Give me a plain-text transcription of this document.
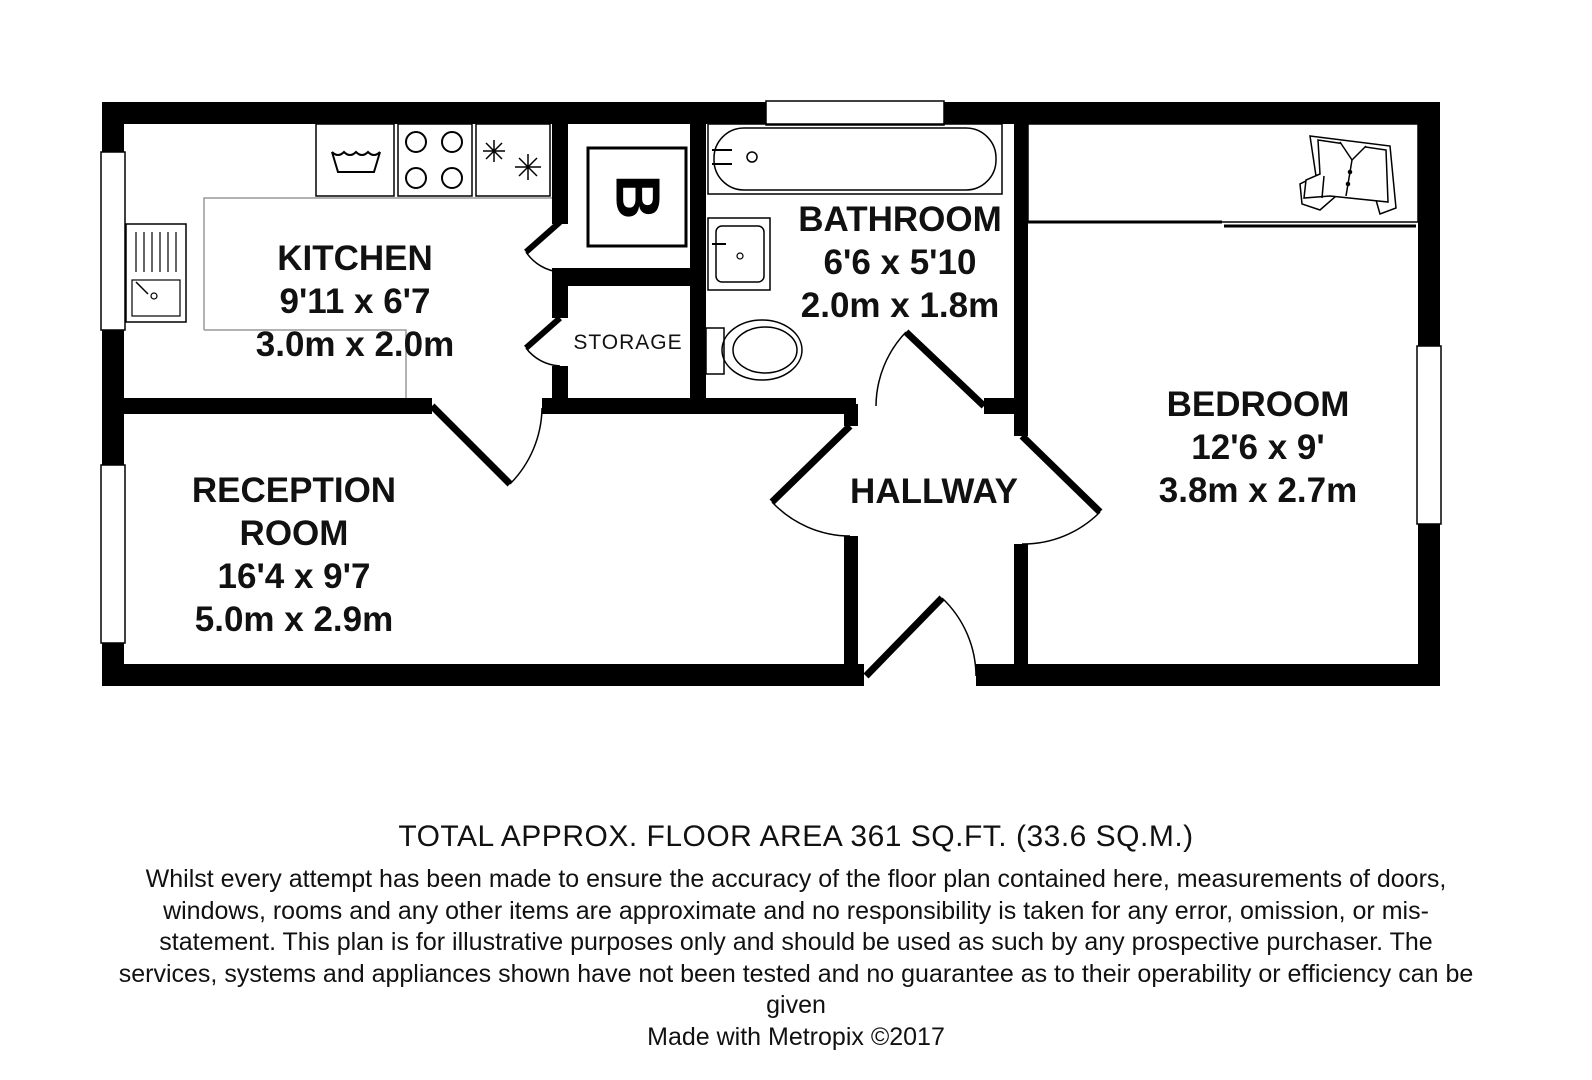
B
KITCHEN
9'11 x 6'7
3.0m x 2.0m
BATHROOM
6'6 x 5'10
2.0m x 1.8m
BEDROOM
12'6 x 9'
3.8m x 2.7m
RECEPTION
ROOM
16'4 x 9'7
5.0m x 2.9m
HALLWAY
STORAGE
TOTAL APPROX. FLOOR AREA 361 SQ.FT. (33.6 SQ.M.)
Whilst every attempt has been made to ensure the accuracy of the floor plan contained here, measurements of doors, windows, rooms and any other items are approximate and no responsibility is taken for any error, omission, or mis-statement. This plan is for illustrative purposes only and should be used as such by any prospective purchaser. The services, systems and appliances shown have not been tested and no guarantee as to their operability or efficiency can be given
Made with Metropix ©2017
